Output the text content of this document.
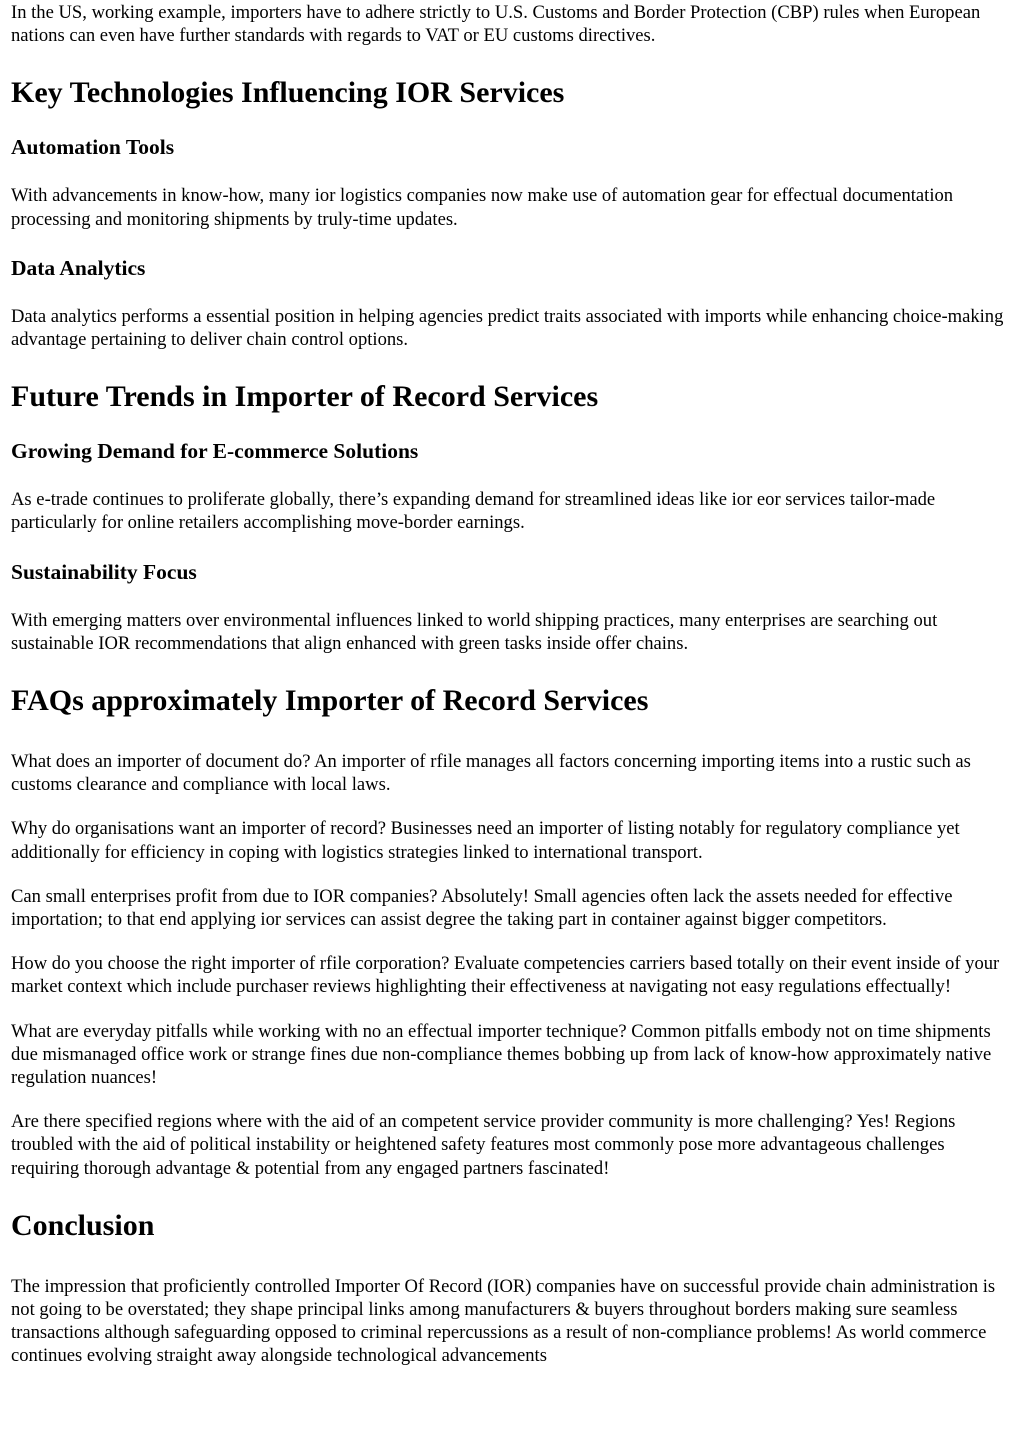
In the US, working example, importers have to adhere strictly to U.S. Customs and Border Protection (CBP) rules when European nations can even have further standards with regards to VAT or EU customs directives.

Key Technologies Influencing IOR Services
Automation Tools

With advancements in know-how, many ior logistics companies now make use of automation gear for effectual documentation processing and monitoring shipments by truly-time updates.

Data Analytics

Data analytics performs a essential position in helping agencies predict traits associated with imports while enhancing choice-making advantage pertaining to deliver chain control options.

Future Trends in Importer of Record Services
Growing Demand for E-commerce Solutions

As e-trade continues to proliferate globally, there’s expanding demand for streamlined ideas like ior eor services tailor-made particularly for online retailers accomplishing move-border earnings.

Sustainability Focus

With emerging matters over environmental influences linked to world shipping practices, many enterprises are searching out sustainable IOR recommendations that align enhanced with green tasks inside offer chains.

FAQs approximately Importer of Record Services

What does an importer of document do? An importer of rfile manages all factors concerning importing items into a rustic such as customs clearance and compliance with local laws.

Why do organisations want an importer of record? Businesses need an importer of listing notably for regulatory compliance yet additionally for efficiency in coping with logistics strategies linked to international transport.

Can small enterprises profit from due to IOR companies? Absolutely! Small agencies often lack the assets needed for effective importation; to that end applying ior services can assist degree the taking part in container against bigger competitors.

How do you choose the right importer of rfile corporation? Evaluate competencies carriers based totally on their event inside of your market context which include purchaser reviews highlighting their effectiveness at navigating not easy regulations effectually!

What are everyday pitfalls while working with no an effectual importer technique? Common pitfalls embody not on time shipments due mismanaged office work or strange fines due non-compliance themes bobbing up from lack of know-how approximately native regulation nuances!

Are there specified regions where with the aid of an competent service provider community is more challenging? Yes! Regions troubled with the aid of political instability or heightened safety features most commonly pose more advantageous challenges requiring thorough advantage & potential from any engaged partners fascinated!

Conclusion

The impression that proficiently controlled Importer Of Record (IOR) companies have on successful provide chain administration is not going to be overstated; they shape principal links among manufacturers & buyers throughout borders making sure seamless transactions although safeguarding opposed to criminal repercussions as a result of non-compliance problems! As world commerce continues evolving straight away alongside technological advancements
